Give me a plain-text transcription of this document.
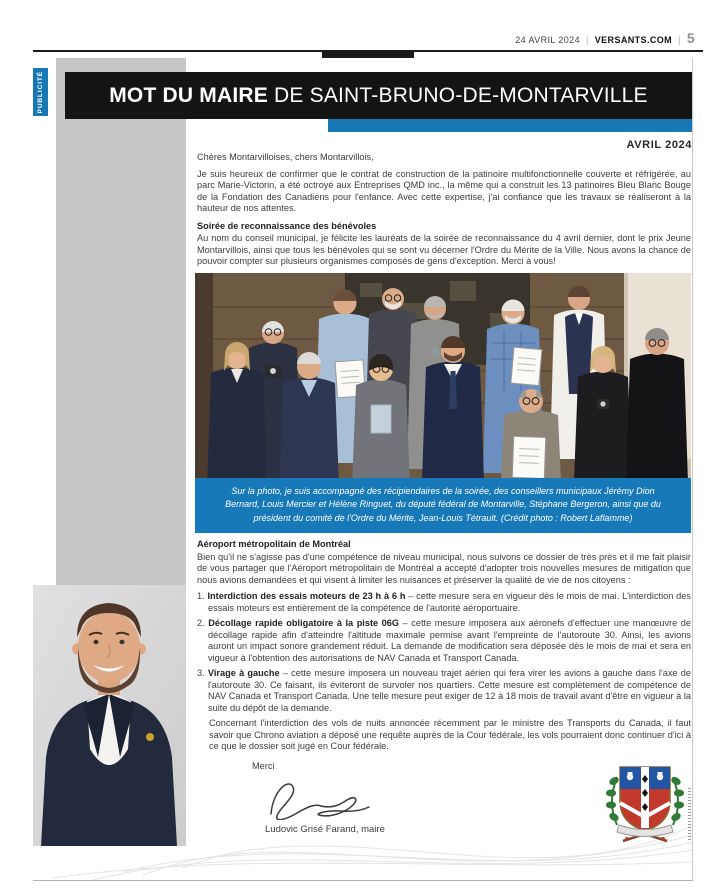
24 AVRIL 2024 | VERSANTS.COM | 5
PUBLICITÉ	MOT DU MAIRE DE SAINT-BRUNO-DE-MONTARVILLE
AVRIL 2024

Chères Montarvilloises, chers Montarvillois,

Je suis heureux de confirmer que le contrat de construction de la patinoire multifonctionnelle couverte et réfrigérée, au parc Marie-Victorin, a été octroyé aux Entreprises QMD inc., la même qui a construit les 13 patinoires Bleu Blanc Bouge de la Fondation des Canadiens pour l'enfance. Avec cette expertise, j'ai confiance que les travaux se réaliseront à la hauteur de nos attentes.

Soirée de reconnaissance des bénévoles

Au nom du conseil municipal, je félicite les lauréats de la soirée de reconnaissance du 4 avril dernier, dont le prix Jeune Montarvillois, ainsi que tous les bénévoles qui se sont vu décerner l'Ordre du Mérite de la Ville. Nous avons la chance de pouvoir compter sur plusieurs organismes composés de gens d'exception. Merci à vous!

Sur la photo, je suis accompagné des récipiendaires de la soirée, des conseillers municipaux Jérémy Dion Bernard, Louis Mercier et Hélène Ringuet, du député fédéral de Montarville, Stéphane Bergeron, ainsi que du président du comité de l'Ordre du Mérite, Jean-Louis Tétrault. (Crédit photo : Robert Laflamme)
Aéroport métropolitain de Montréal

Bien qu'il ne s'agisse pas d'une compétence de niveau municipal, nous suivons ce dossier de très près et il me fait plaisir de vous partager que l'Aéroport métropolitain de Montréal a accepté d'adopter trois nouvelles mesures de mitigation que nous avions demandées et qui visent à limiter les nuisances et préserver la qualité de vie de nos citoyens :

1. Interdiction des essais moteurs de 23 h à 6 h – cette mesure sera en vigueur dès le mois de mai. L'interdiction des essais moteurs est entièrement de la compétence de l'autorité aéroportuaire.
2. Décollage rapide obligatoire à la piste 06G – cette mesure imposera aux aéronefs d'effectuer une manœuvre de décollage rapide afin d'atteindre l'altitude maximale permise avant l'empreinte de l'autoroute 30. Ainsi, les avions auront un impact sonore grandement réduit. La demande de modification sera déposée dès le mois de mai et sera en vigueur à l'obtention des autorisations de NAV Canada et Transport Canada.
3. Virage à gauche – cette mesure imposera un nouveau trajet aérien qui fera virer les avions à gauche dans l'axe de l'autoroute 30. Ce faisant, ils éviteront de survoler nos quartiers. Cette mesure est complètement de compétence de NAV Canada et Transport Canada. Une telle mesure peut exiger de 12 à 18 mois de travail avant d'être en vigueur à la suite du dépôt de la demande.

Concernant l'interdiction des vols de nuits annoncée récemment par le ministre des Transports du Canada, il faut savoir que Chrono aviation a déposé une requête auprès de la Cour fédérale, les vols pourraient donc continuer d'ici à ce que le dossier soit jugé en Cour fédérale.

Merci

Ludovic Grisé Farand, maire
